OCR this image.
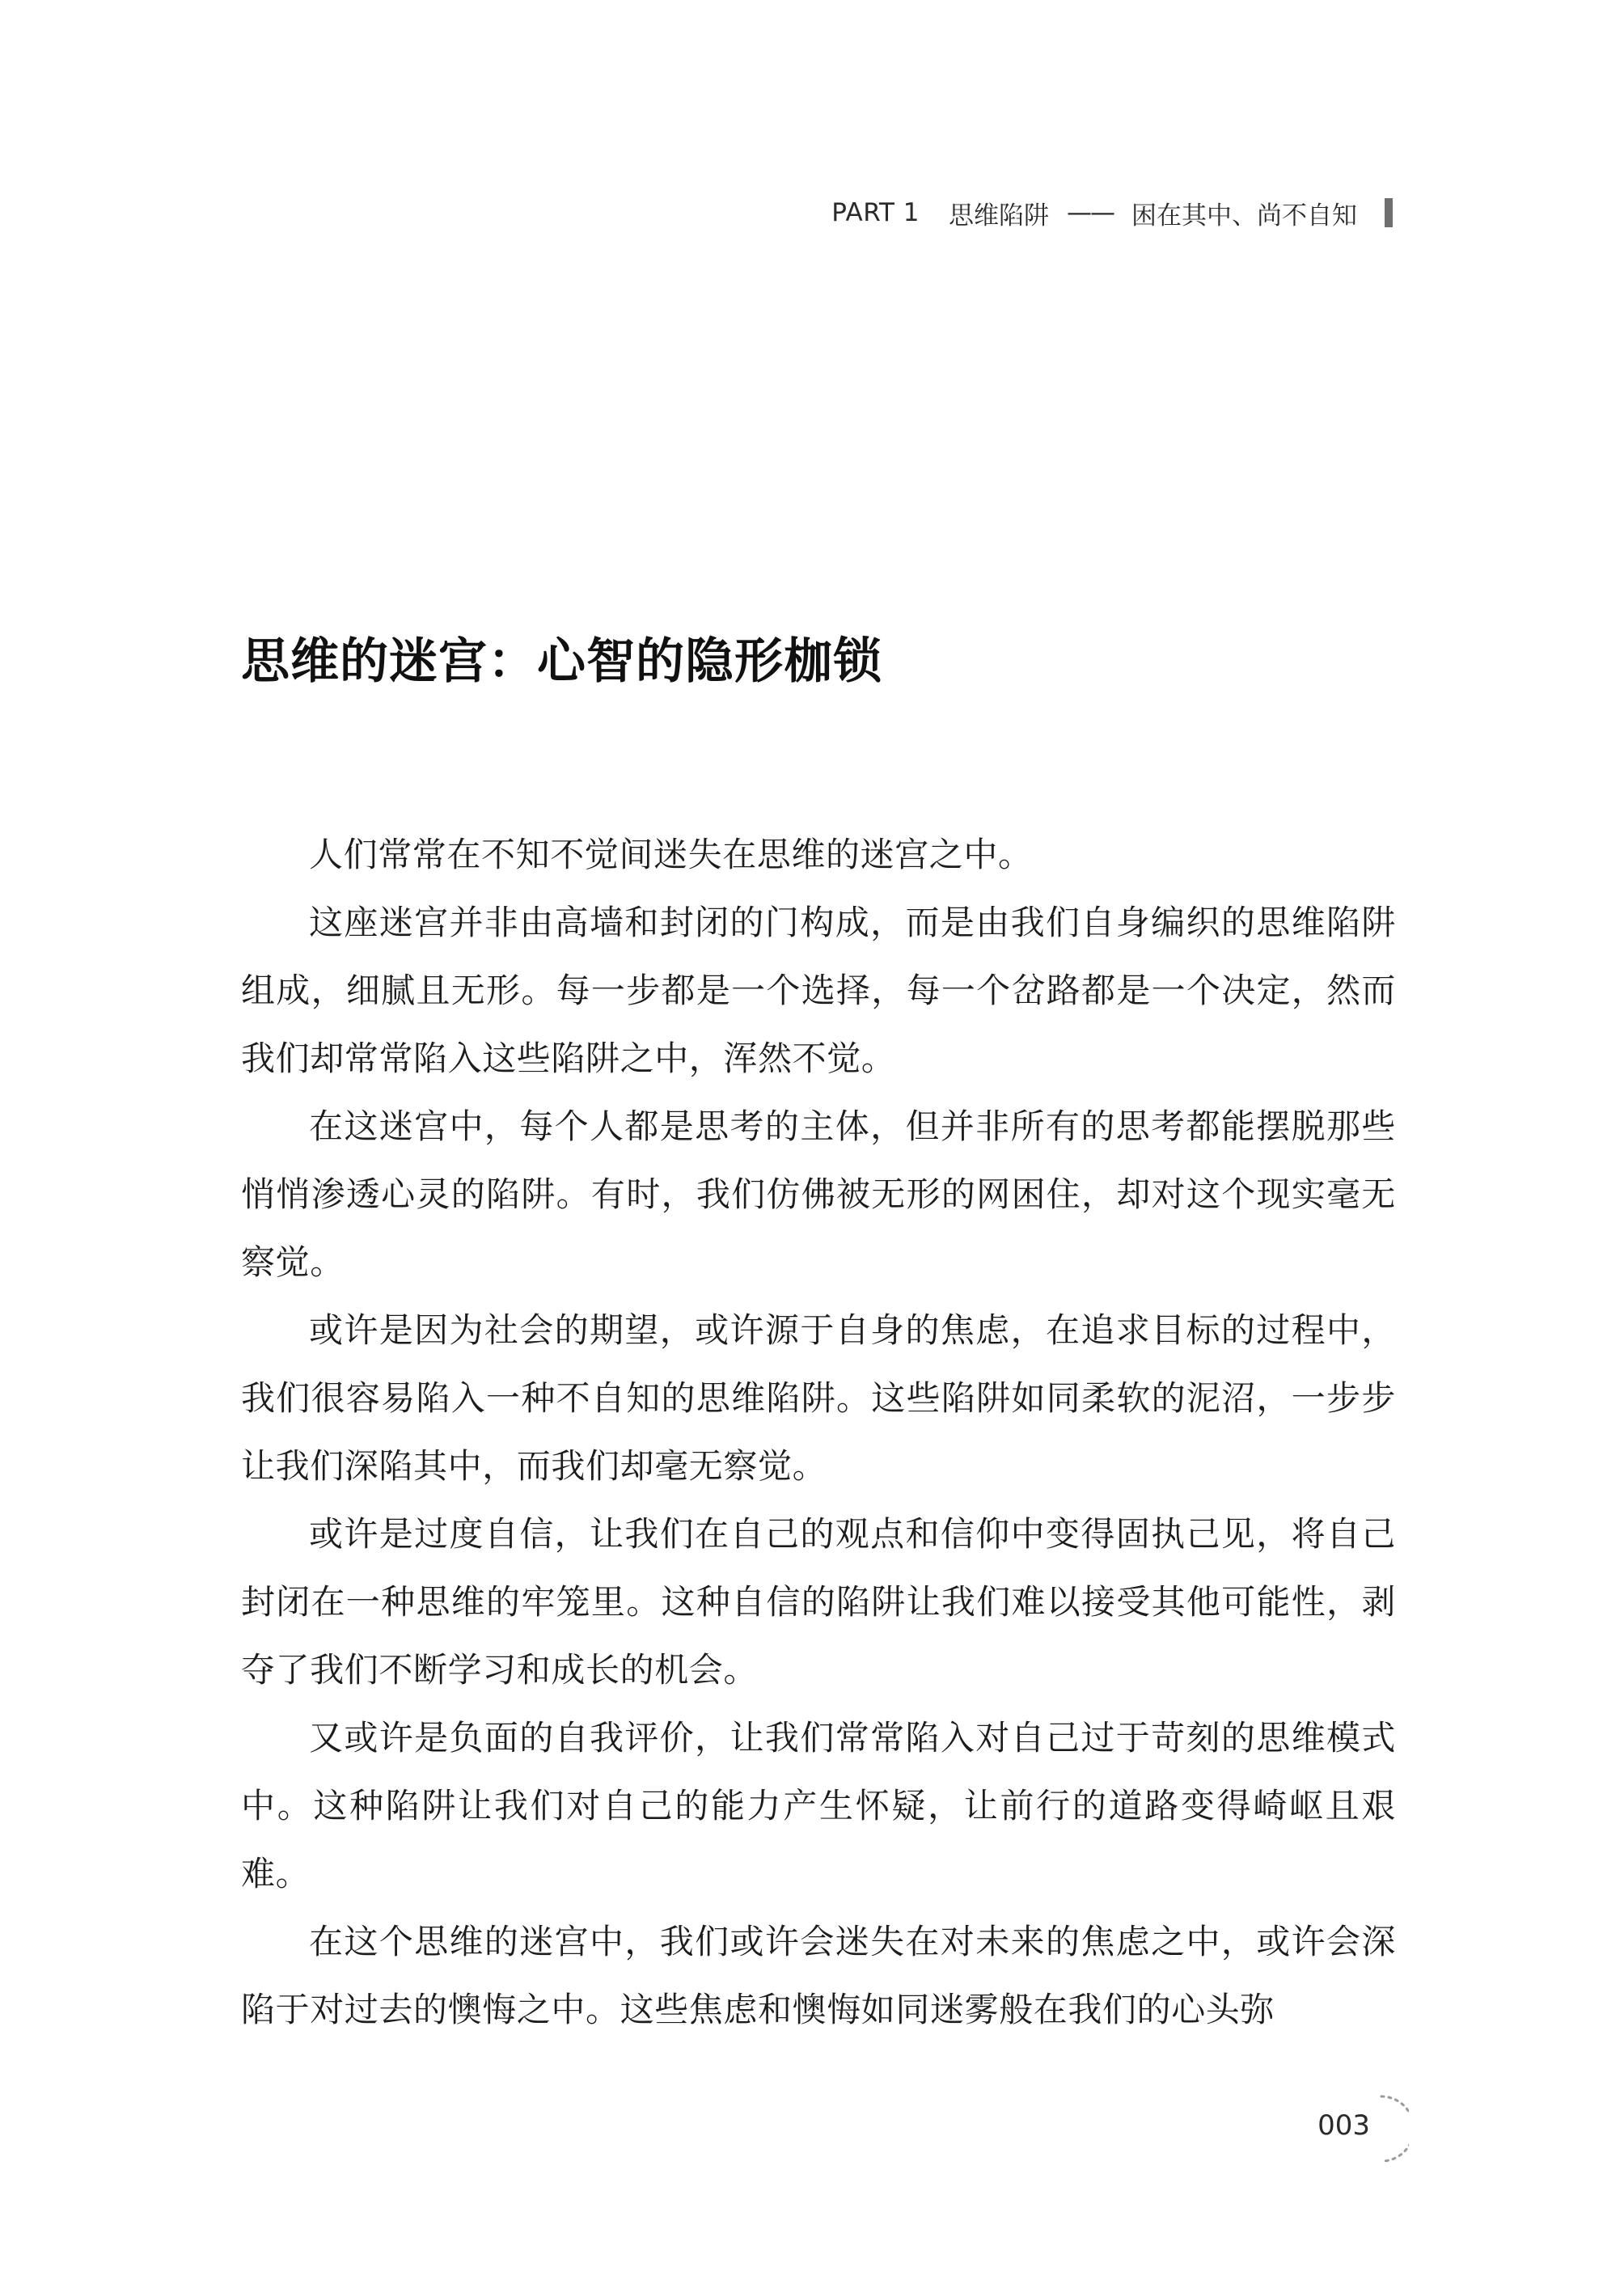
PART 1 思维陷阱 —— 困在其中、尚不自知
思维的迷宫：心智的隐形枷锁

人们常常在不知不觉间迷失在思维的迷宫之中。

这座迷宫并非由高墙和封闭的门构成，而是由我们自身编织的思维陷阱组成，细腻且无形。每一步都是一个选择，每一个岔路都是一个决定，然而我们却常常陷入这些陷阱之中，浑然不觉。

在这迷宫中，每个人都是思考的主体，但并非所有的思考都能摆脱那些悄悄渗透心灵的陷阱。有时，我们仿佛被无形的网困住，却对这个现实毫无察觉。

或许是因为社会的期望，或许源于自身的焦虑，在追求目标的过程中，我们很容易陷入一种不自知的思维陷阱。这些陷阱如同柔软的泥沼，一步步让我们深陷其中，而我们却毫无察觉。

或许是过度自信，让我们在自己的观点和信仰中变得固执己见，将自己封闭在一种思维的牢笼里。这种自信的陷阱让我们难以接受其他可能性，剥夺了我们不断学习和成长的机会。

又或许是负面的自我评价，让我们常常陷入对自己过于苛刻的思维模式中。这种陷阱让我们对自己的能力产生怀疑，让前行的道路变得崎岖且艰难。

在这个思维的迷宫中，我们或许会迷失在对未来的焦虑之中，或许会深陷于对过去的懊悔之中。这些焦虑和懊悔如同迷雾般在我们的心头弥

003
